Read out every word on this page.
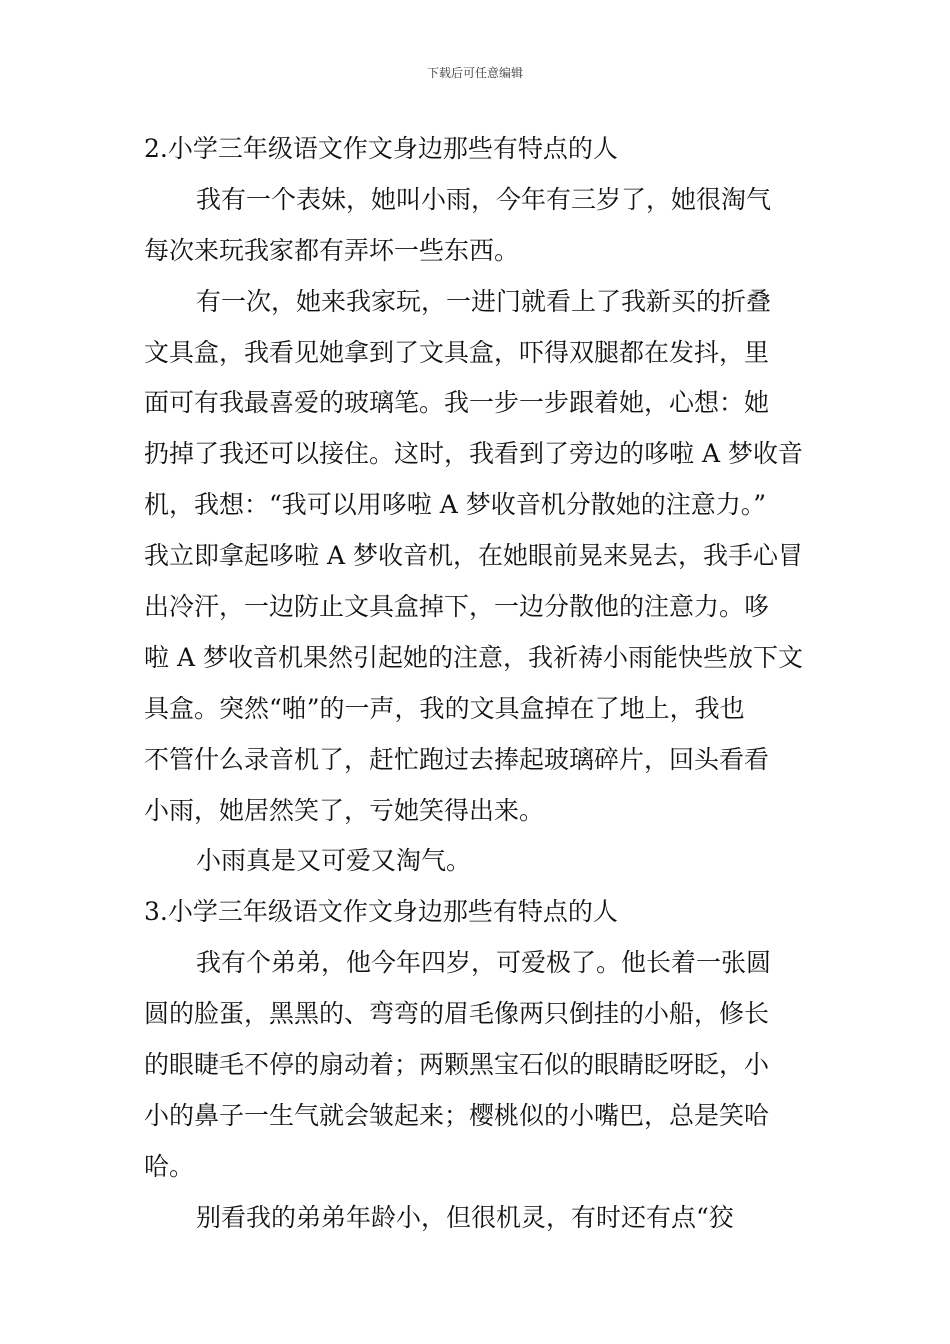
下载后可任意编辑
2.小学三年级语文作文身边那些有特点的人
我有一个表妹，她叫小雨，今年有三岁了，她很淘气
每次来玩我家都有弄坏一些东西。
有一次，她来我家玩，一进门就看上了我新买的折叠
文具盒，我看见她拿到了文具盒，吓得双腿都在发抖，里
面可有我最喜爱的玻璃笔。我一步一步跟着她，心想：她
扔掉了我还可以接住。这时，我看到了旁边的哆啦 A 梦收音
机，我想：“我可以用哆啦 A 梦收音机分散她的注意力。”
我立即拿起哆啦 A 梦收音机，在她眼前晃来晃去，我手心冒
出冷汗，一边防止文具盒掉下，一边分散他的注意力。哆
啦 A 梦收音机果然引起她的注意，我祈祷小雨能快些放下文
具盒。突然“啪”的一声，我的文具盒掉在了地上，我也
不管什么录音机了，赶忙跑过去捧起玻璃碎片，回头看看
小雨，她居然笑了，亏她笑得出来。
小雨真是又可爱又淘气。
3.小学三年级语文作文身边那些有特点的人
我有个弟弟，他今年四岁，可爱极了。他长着一张圆
圆的脸蛋，黑黑的、弯弯的眉毛像两只倒挂的小船，修长
的眼睫毛不停的扇动着；两颗黑宝石似的眼睛眨呀眨，小
小的鼻子一生气就会皱起来；樱桃似的小嘴巴，总是笑哈
哈。
别看我的弟弟年龄小，但很机灵，有时还有点“狡
